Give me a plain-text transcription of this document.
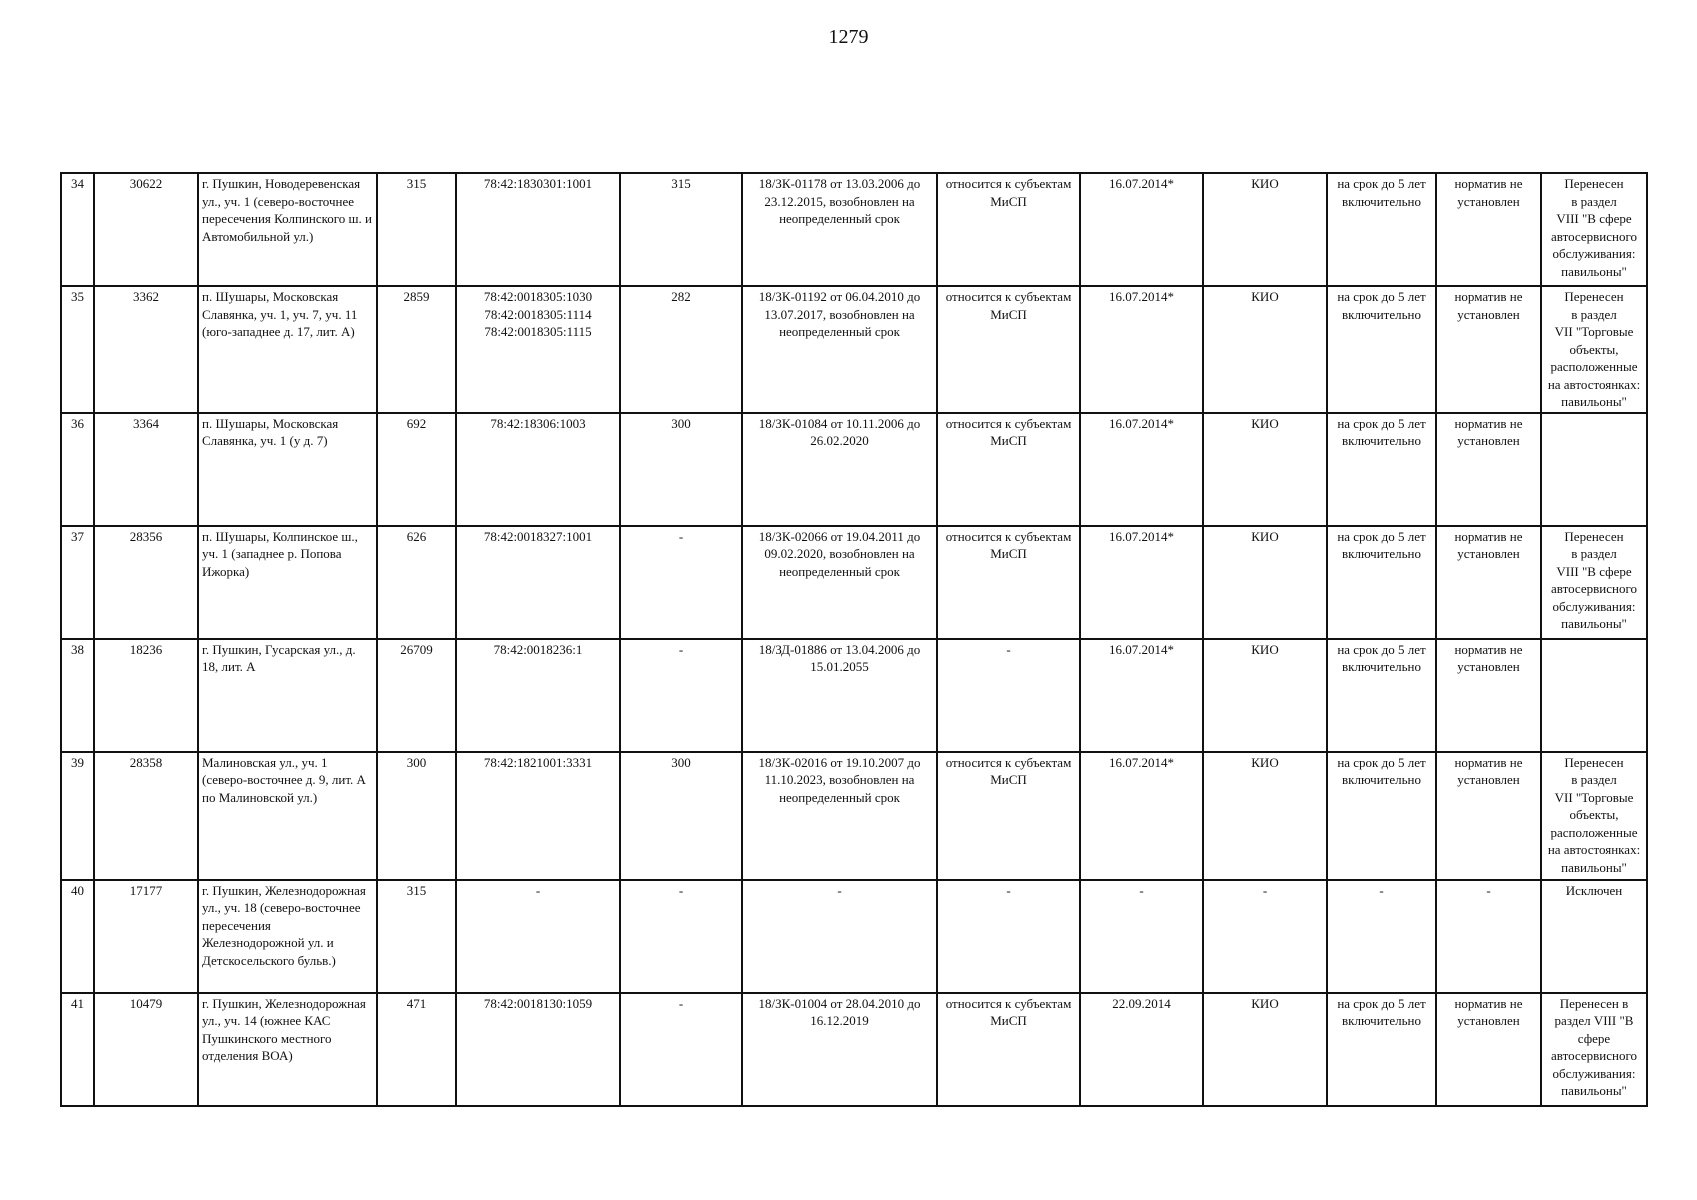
1279
34	30622	г. Пушкин, Новодеревенская ул., уч. 1 (северо-восточнее пересечения Колпинского ш. и Автомобильной ул.)	315	78:42:1830301:1001	315	18/ЗК-01178 от 13.03.2006 до 23.12.2015, возобновлен на неопределенный срок	относится к субъектам МиСП	16.07.2014*	КИО	на срок до 5 лет включительно	норматив не установлен	Перенесен
в раздел
VIII "В сфере автосервисного обслуживания: павильоны"
35	3362	п. Шушары, Московская Славянка, уч. 1, уч. 7, уч. 11 (юго-западнее д. 17, лит. А)	2859	78:42:0018305:1030
78:42:0018305:1114
78:42:0018305:1115	282	18/ЗК-01192 от 06.04.2010 до 13.07.2017, возобновлен на неопределенный срок	относится к субъектам МиСП	16.07.2014*	КИО	на срок до 5 лет включительно	норматив не установлен	Перенесен
в раздел
VII "Торговые объекты, расположенные на автостоянках: павильоны"
36	3364	п. Шушары, Московская Славянка, уч. 1 (у д. 7)	692	78:42:18306:1003	300	18/ЗК-01084 от 10.11.2006 до 26.02.2020	относится к субъектам МиСП	16.07.2014*	КИО	на срок до 5 лет включительно	норматив не установлен	
37	28356	п. Шушары, Колпинское ш., уч. 1 (западнее р. Попова Ижорка)	626	78:42:0018327:1001	-	18/ЗК-02066 от 19.04.2011 до 09.02.2020, возобновлен на неопределенный срок	относится к субъектам МиСП	16.07.2014*	КИО	на срок до 5 лет включительно	норматив не установлен	Перенесен
в раздел
VIII "В сфере автосервисного обслуживания: павильоны"
38	18236	г. Пушкин, Гусарская ул., д. 18, лит. А	26709	78:42:0018236:1	-	18/ЗД-01886 от 13.04.2006 до 15.01.2055	-	16.07.2014*	КИО	на срок до 5 лет включительно	норматив не установлен	
39	28358	Малиновская ул., уч. 1 (северо-восточнее д. 9, лит. А по Малиновской ул.)	300	78:42:1821001:3331	300	18/ЗК-02016 от 19.10.2007 до 11.10.2023, возобновлен на неопределенный срок	относится к субъектам МиСП	16.07.2014*	КИО	на срок до 5 лет включительно	норматив не установлен	Перенесен
в раздел
VII "Торговые объекты, расположенные на автостоянках: павильоны"
40	17177	г. Пушкин, Железнодорожная ул., уч. 18 (северо-восточнее пересечения Железнодорожной ул. и Детскосельского бульв.)	315	-	-	-	-	-	-	-	-	Исключен
41	10479	г. Пушкин, Железнодорожная ул., уч. 14 (южнее КАС Пушкинского местного отделения ВОА)	471	78:42:0018130:1059	-	18/ЗК-01004 от 28.04.2010 до 16.12.2019	относится к субъектам МиСП	22.09.2014	КИО	на срок до 5 лет включительно	норматив не установлен	Перенесен в раздел VIII "В сфере автосервисного обслуживания: павильоны"
